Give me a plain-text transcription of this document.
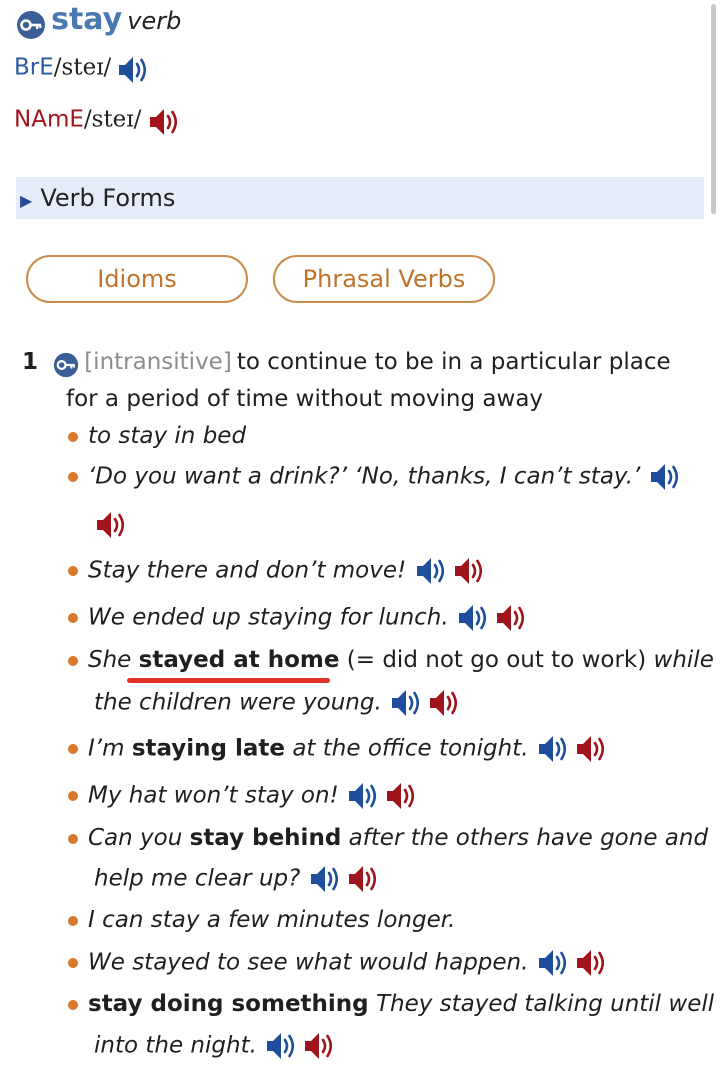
stay verb
BrE/steɪ/
NAmE/steɪ/
▶ Verb Forms
Idioms	Phrasal Verbs
1 [intransitive] to continue to be in a particular place
for a period of time without moving away
to stay in bed
‘Do you want a drink?’ ‘No, thanks, I can’t stay.’
Stay there and don’t move!
We ended up staying for lunch.
She stayed at home (= did not go out to work) while
the children were young.
I’m staying late at the office tonight.
My hat won’t stay on!
Can you stay behind after the others have gone and
help me clear up?
I can stay a few minutes longer.
We stayed to see what would happen.
stay doing something They stayed talking until well
into the night.
